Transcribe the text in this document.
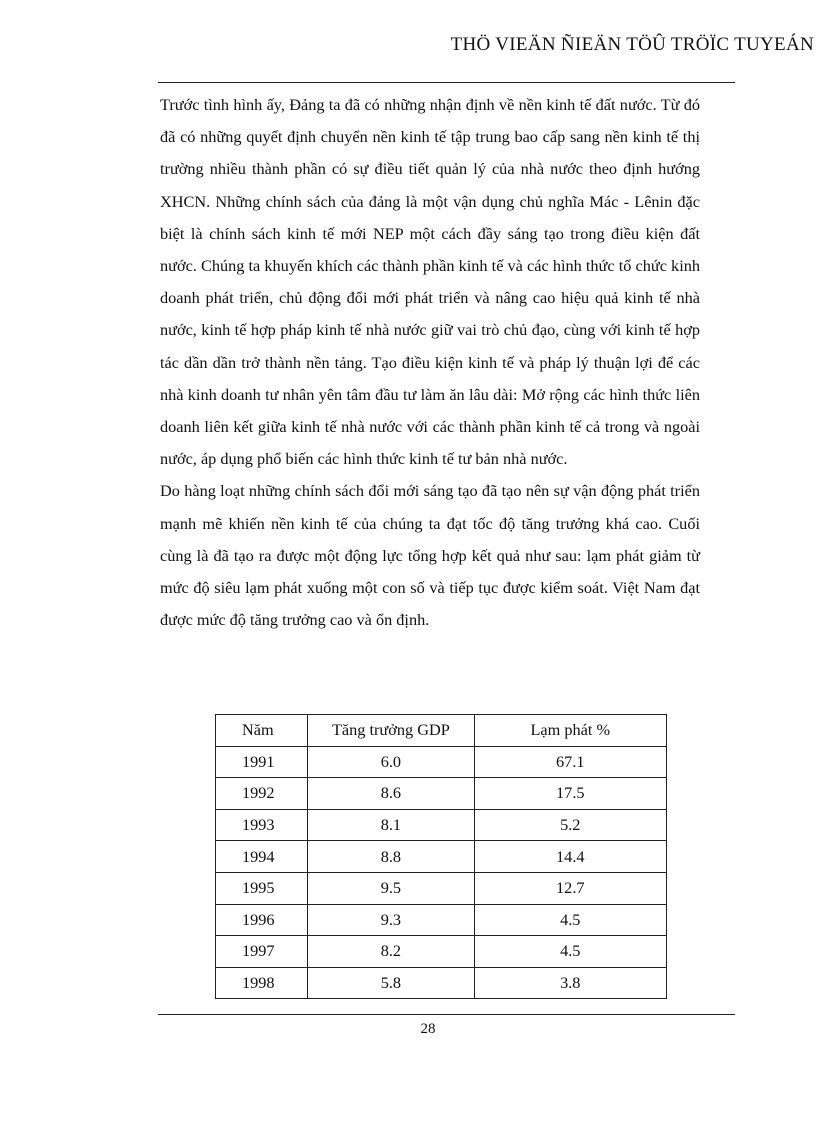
THÖ VIEÄN ÑIEÄN TÖÛ TRÖÏC TUYEÁN

Trước tình hình ấy, Đảng ta đã có những nhận định về nền kinh tế đất nước. Từ đó đã có những quyết định chuyển nền kinh tế tập trung bao cấp sang nền kinh tế thị trường nhiều thành phần có sự điều tiết quản lý của nhà nước theo định hướng XHCN. Những chính sách của đảng là một vận dụng chủ nghĩa Mác - Lênin đặc biệt là chính sách kinh tế mới NEP một cách đầy sáng tạo trong điều kiện đất nước. Chúng ta khuyến khích các thành phần kinh tế và các hình thức tổ chức kinh doanh phát triển, chủ động đổi mới phát triển và nâng cao hiệu quả kinh tế nhà nước, kinh tế hợp pháp kinh tế nhà nước giữ vai trò chủ đạo, cùng với kinh tế hợp tác dần dần trở thành nền tảng. Tạo điều kiện kinh tế và pháp lý thuận lợi để các nhà kinh doanh tư nhân yên tâm đầu tư làm ăn lâu dài: Mở rộng các hình thức liên doanh liên kết giữa kinh tế nhà nước với các thành phần kinh tế cả trong và ngoài nước, áp dụng phổ biến các hình thức kinh tế tư bản nhà nước.

Do hàng loạt những chính sách đổi mới sáng tạo đã tạo nên sự vận động phát triển mạnh mẽ khiến nền kinh tế của chúng ta đạt tốc độ tăng trưởng khá cao. Cuối cùng là đã tạo ra được một động lực tổng hợp kết quả như sau: lạm phát giảm từ mức độ siêu lạm phát xuống một con số và tiếp tục được kiểm soát. Việt Nam đạt được mức độ tăng trưởng cao và ổn định.

Năm	Tăng trưởng GDP	Lạm phát %
1991	6.0	67.1
1992	8.6	17.5
1993	8.1	5.2
1994	8.8	14.4
1995	9.5	12.7
1996	9.3	4.5
1997	8.2	4.5
1998	5.8	3.8
28
